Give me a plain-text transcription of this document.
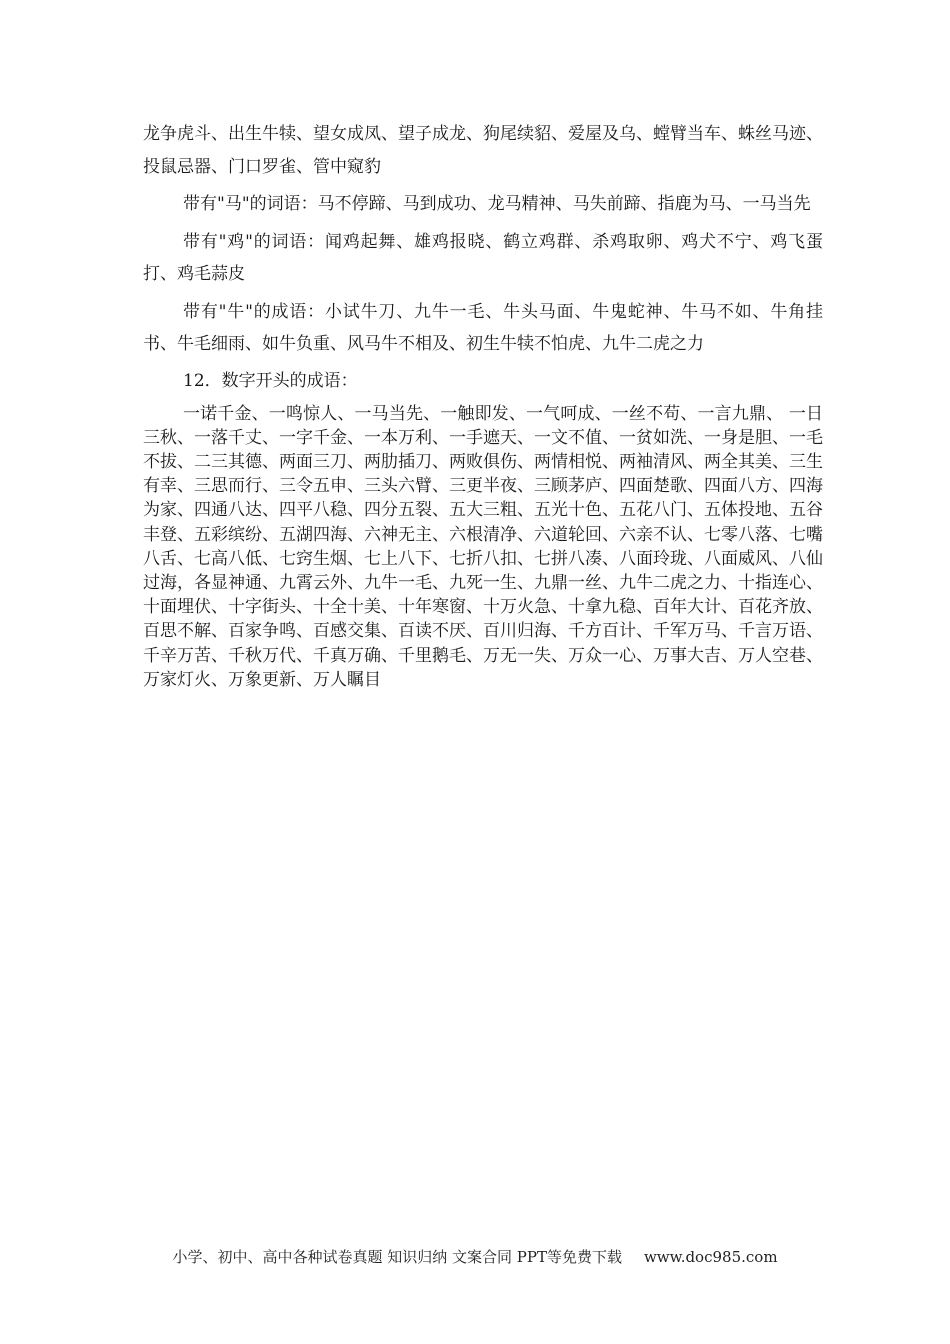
龙争虎斗、出生牛犊、望女成凤、望子成龙、狗尾续貂、爱屋及乌、螳臂当车、蛛丝马迹、投鼠忌器、门口罗雀、管中窥豹

带有"马"的词语：马不停蹄、马到成功、龙马精神、马失前蹄、指鹿为马、一马当先

带有"鸡"的词语：闻鸡起舞、雄鸡报晓、鹤立鸡群、杀鸡取卵、鸡犬不宁、鸡飞蛋打、鸡毛蒜皮

带有"牛"的成语：小试牛刀、九牛一毛、牛头马面、牛鬼蛇神、牛马不如、牛角挂书、牛毛细雨、如牛负重、风马牛不相及、初生牛犊不怕虎、九牛二虎之力

12．数字开头的成语：

一诺千金、一鸣惊人、一马当先、一触即发、一气呵成、一丝不苟、一言九鼎、 一日三秋、一落千丈、一字千金、一本万利、一手遮天、一文不值、一贫如洗、一身是胆、一毛不拔、二三其德、两面三刀、两肋插刀、两败俱伤、两情相悦、两袖清风、两全其美、三生有幸、三思而行、三令五申、三头六臂、三更半夜、三顾茅庐、四面楚歌、四面八方、四海为家、四通八达、四平八稳、四分五裂、五大三粗、五光十色、五花八门、五体投地、五谷丰登、五彩缤纷、五湖四海、六神无主、六根清净、六道轮回、六亲不认、七零八落、七嘴八舌、七高八低、七窍生烟、七上八下、七折八扣、七拼八凑、八面玲珑、八面威风、八仙过海，各显神通、九霄云外、九牛一毛、九死一生、九鼎一丝、九牛二虎之力、十指连心、十面埋伏、十字街头、十全十美、十年寒窗、十万火急、十拿九稳、百年大计、百花齐放、百思不解、百家争鸣、百感交集、百读不厌、百川归海、千方百计、千军万马、千言万语、千辛万苦、千秋万代、千真万确、千里鹅毛、万无一失、万众一心、万事大吉、万人空巷、万家灯火、万象更新、万人瞩目

小学、初中、高中各种试卷真题 知识归纳 文案合同 PPT等免费下载 www.doc985.com
